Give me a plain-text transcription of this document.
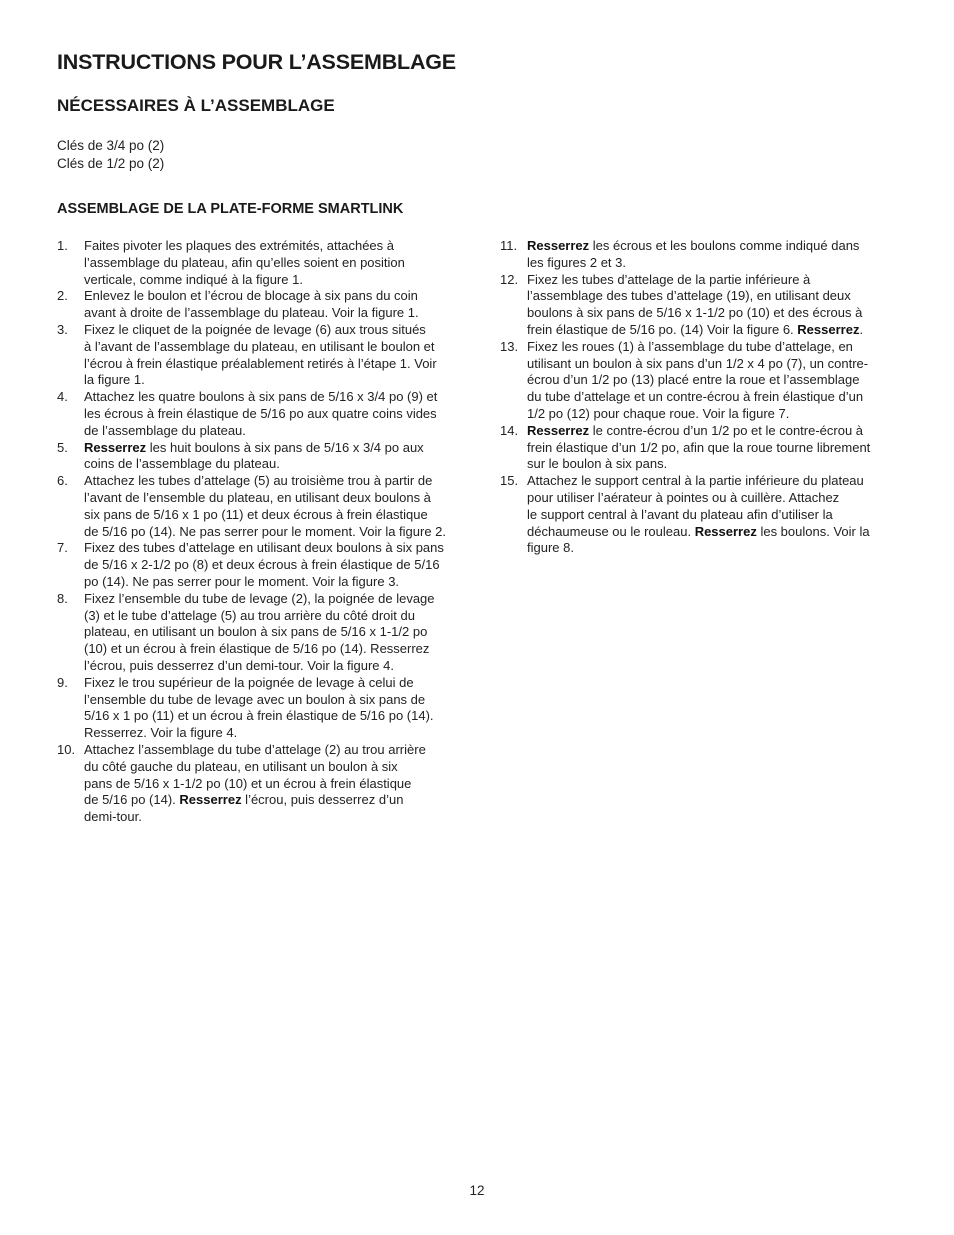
INSTRUCTIONS POUR L’ASSEMBLAGE
NÉCESSAIRES À L’ASSEMBLAGE
Clés de 3/4 po (2)
Clés de 1/2 po (2)
ASSEMBLAGE DE LA PLATE-FORME SMARTLINK
1.	Faites pivoter les plaques des extrémités, attachées à
l’assemblage du plateau, afin qu’elles soient en position
verticale, comme indiqué à la figure 1.
2.	Enlevez le boulon et l’écrou de blocage à six pans du coin
avant à droite de l’assemblage du plateau. Voir la figure 1.
3.	Fixez le cliquet de la poignée de levage (6) aux trous situés
à l’avant de l’assemblage du plateau, en utilisant le boulon et
l’écrou à frein élastique préalablement retirés à l’étape 1. Voir
la figure 1.
4.	Attachez les quatre boulons à six pans de 5/16 x 3/4 po (9) et
les écrous à frein élastique de 5/16 po aux quatre coins vides
de l’assemblage du plateau.
5.	Resserrez les huit boulons à six pans de 5/16 x 3/4 po aux
coins de l’assemblage du plateau.
6.	Attachez les tubes d’attelage (5) au troisième trou à partir de
l’avant de l’ensemble du plateau, en utilisant deux boulons à
six pans de 5/16 x 1 po (11) et deux écrous à frein élastique
de 5/16 po (14). Ne pas serrer pour le moment. Voir la figure 2.
7.	Fixez des tubes d’attelage en utilisant deux boulons à six pans
de 5/16 x 2-1/2 po (8) et deux écrous à frein élastique de 5/16
po (14). Ne pas serrer pour le moment. Voir la figure 3.
8.	Fixez l’ensemble du tube de levage (2), la poignée de levage
(3) et le tube d’attelage (5) au trou arrière du côté droit du
plateau, en utilisant un boulon à six pans de 5/16 x 1-1/2 po
(10) et un écrou à frein élastique de 5/16 po (14). Resserrez
l’écrou, puis desserrez d’un demi-tour. Voir la figure 4.
9.	Fixez le trou supérieur de la poignée de levage à celui de
l’ensemble du tube de levage avec un boulon à six pans de
5/16 x 1 po (11) et un écrou à frein élastique de 5/16 po (14).
Resserrez. Voir la figure 4.
10. Attachez l’assemblage du tube d’attelage (2) au trou arrière
du côté gauche du plateau, en utilisant un boulon à six
pans de 5/16 x 1-1/2 po (10) et un écrou à frein élastique
de 5/16 po (14). Resserrez l’écrou, puis desserrez d’un
demi-tour.
11. Resserrez les écrous et les boulons comme indiqué dans
les figures 2 et 3.
12. Fixez les tubes d’attelage de la partie inférieure à
l’assemblage des tubes d’attelage (19), en utilisant deux
boulons à six pans de 5/16 x 1-1/2 po (10) et des écrous à
frein élastique de 5/16 po. (14) Voir la figure 6. Resserrez.
13. Fixez les roues (1) à l’assemblage du tube d’attelage, en
utilisant un boulon à six pans d’un 1/2 x 4 po (7), un contre-
écrou d’un 1/2 po (13) placé entre la roue et l’assemblage
du tube d’attelage et un contre-écrou à frein élastique d’un
1/2 po (12) pour chaque roue. Voir la figure 7.
14. Resserrez le contre-écrou d’un 1/2 po et le contre-écrou à
frein élastique d’un 1/2 po, afin que la roue tourne librement
sur le boulon à six pans.
15. Attachez le support central à la partie inférieure du plateau
pour utiliser l’aérateur à pointes ou à cuillère. Attachez
le support central à l’avant du plateau afin d’utiliser la
déchaumeuse ou le rouleau. Resserrez les boulons. Voir la
figure 8.
12
